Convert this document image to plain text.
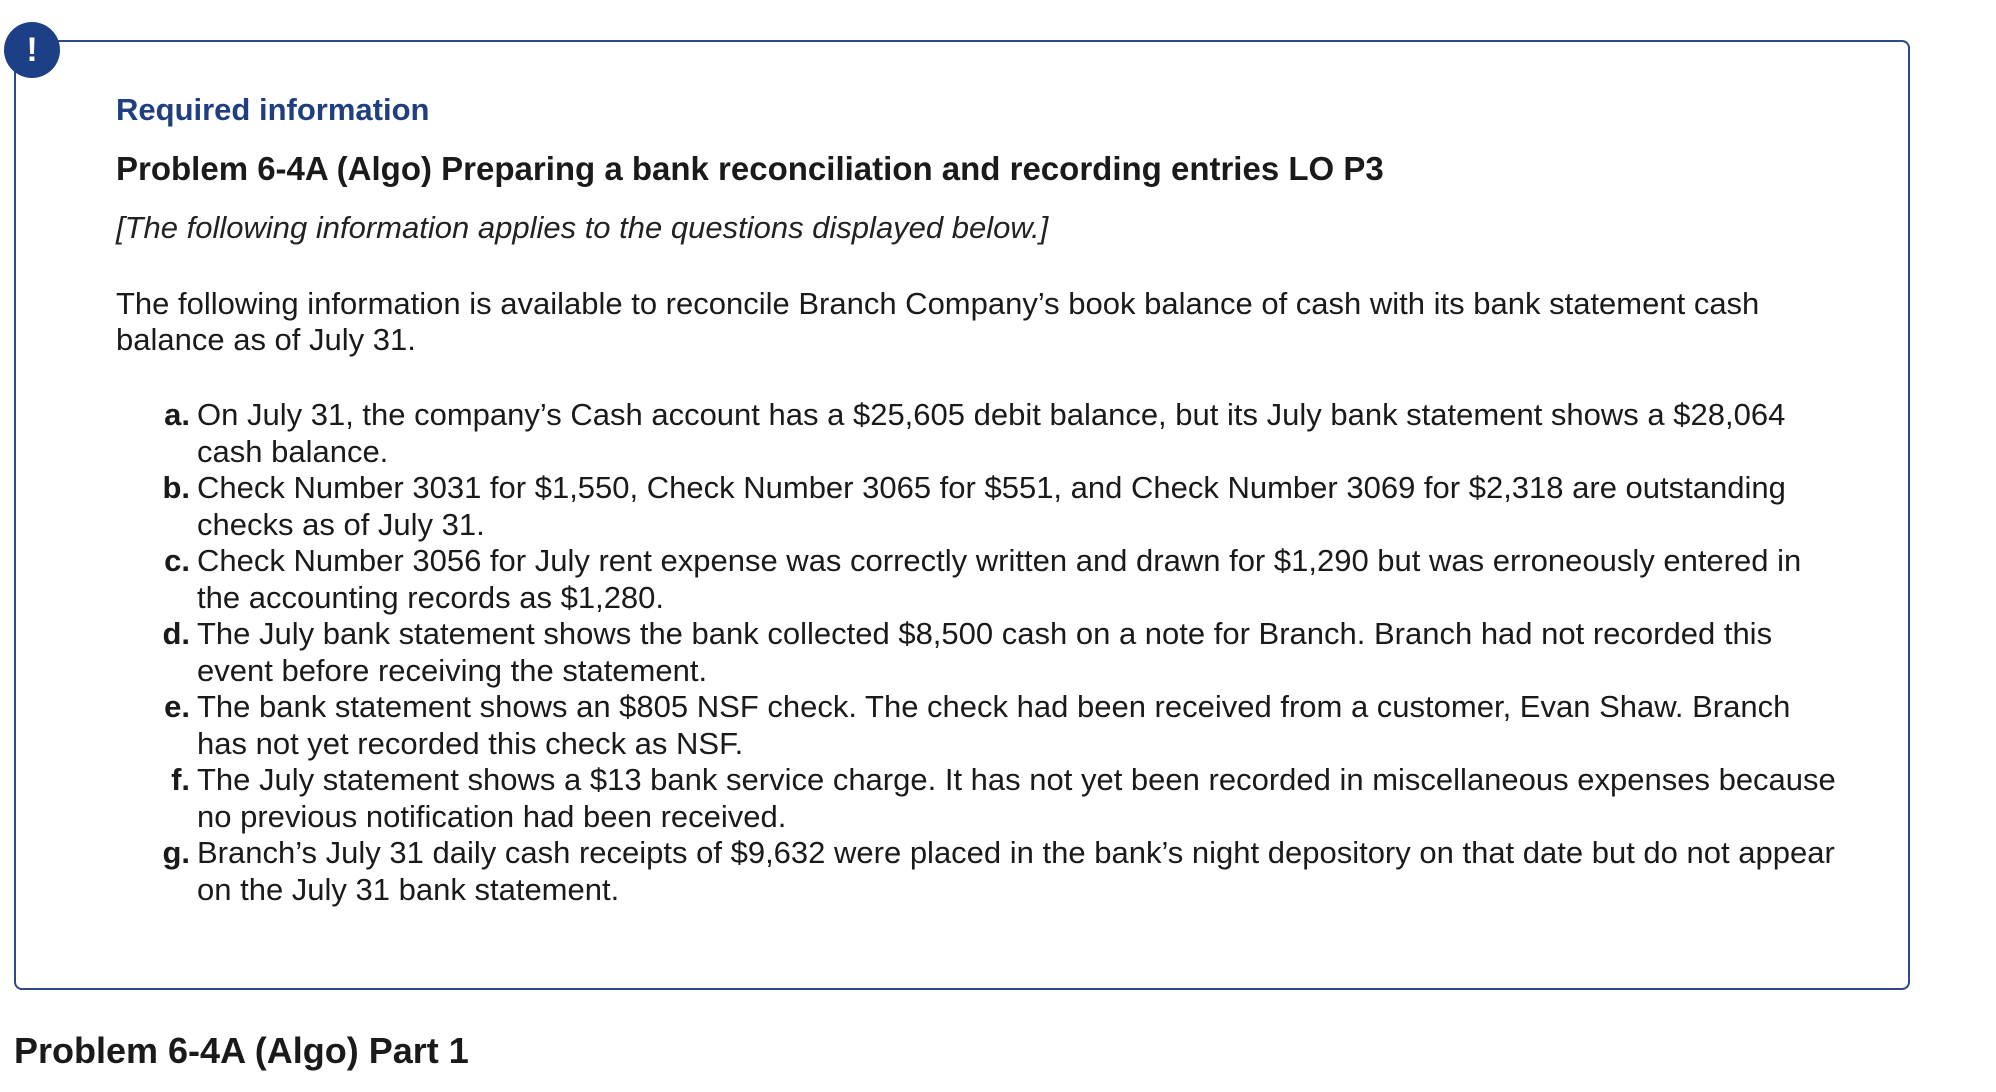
Required information
Problem 6-4A (Algo) Preparing a bank reconciliation and recording entries LO P3
[The following information applies to the questions displayed below.]
The following information is available to reconcile Branch Company’s book balance of cash with its bank statement cash balance as of July 31.
a. On July 31, the company’s Cash account has a $25,605 debit balance, but its July bank statement shows a $28,064 cash balance.
b. Check Number 3031 for $1,550, Check Number 3065 for $551, and Check Number 3069 for $2,318 are outstanding checks as of July 31.
c. Check Number 3056 for July rent expense was correctly written and drawn for $1,290 but was erroneously entered in the accounting records as $1,280.
d. The July bank statement shows the bank collected $8,500 cash on a note for Branch. Branch had not recorded this event before receiving the statement.
e. The bank statement shows an $805 NSF check. The check had been received from a customer, Evan Shaw. Branch has not yet recorded this check as NSF.
f. The July statement shows a $13 bank service charge. It has not yet been recorded in miscellaneous expenses because no previous notification had been received.
g. Branch’s July 31 daily cash receipts of $9,632 were placed in the bank’s night depository on that date but do not appear on the July 31 bank statement.
!
Problem 6-4A (Algo) Part 1
